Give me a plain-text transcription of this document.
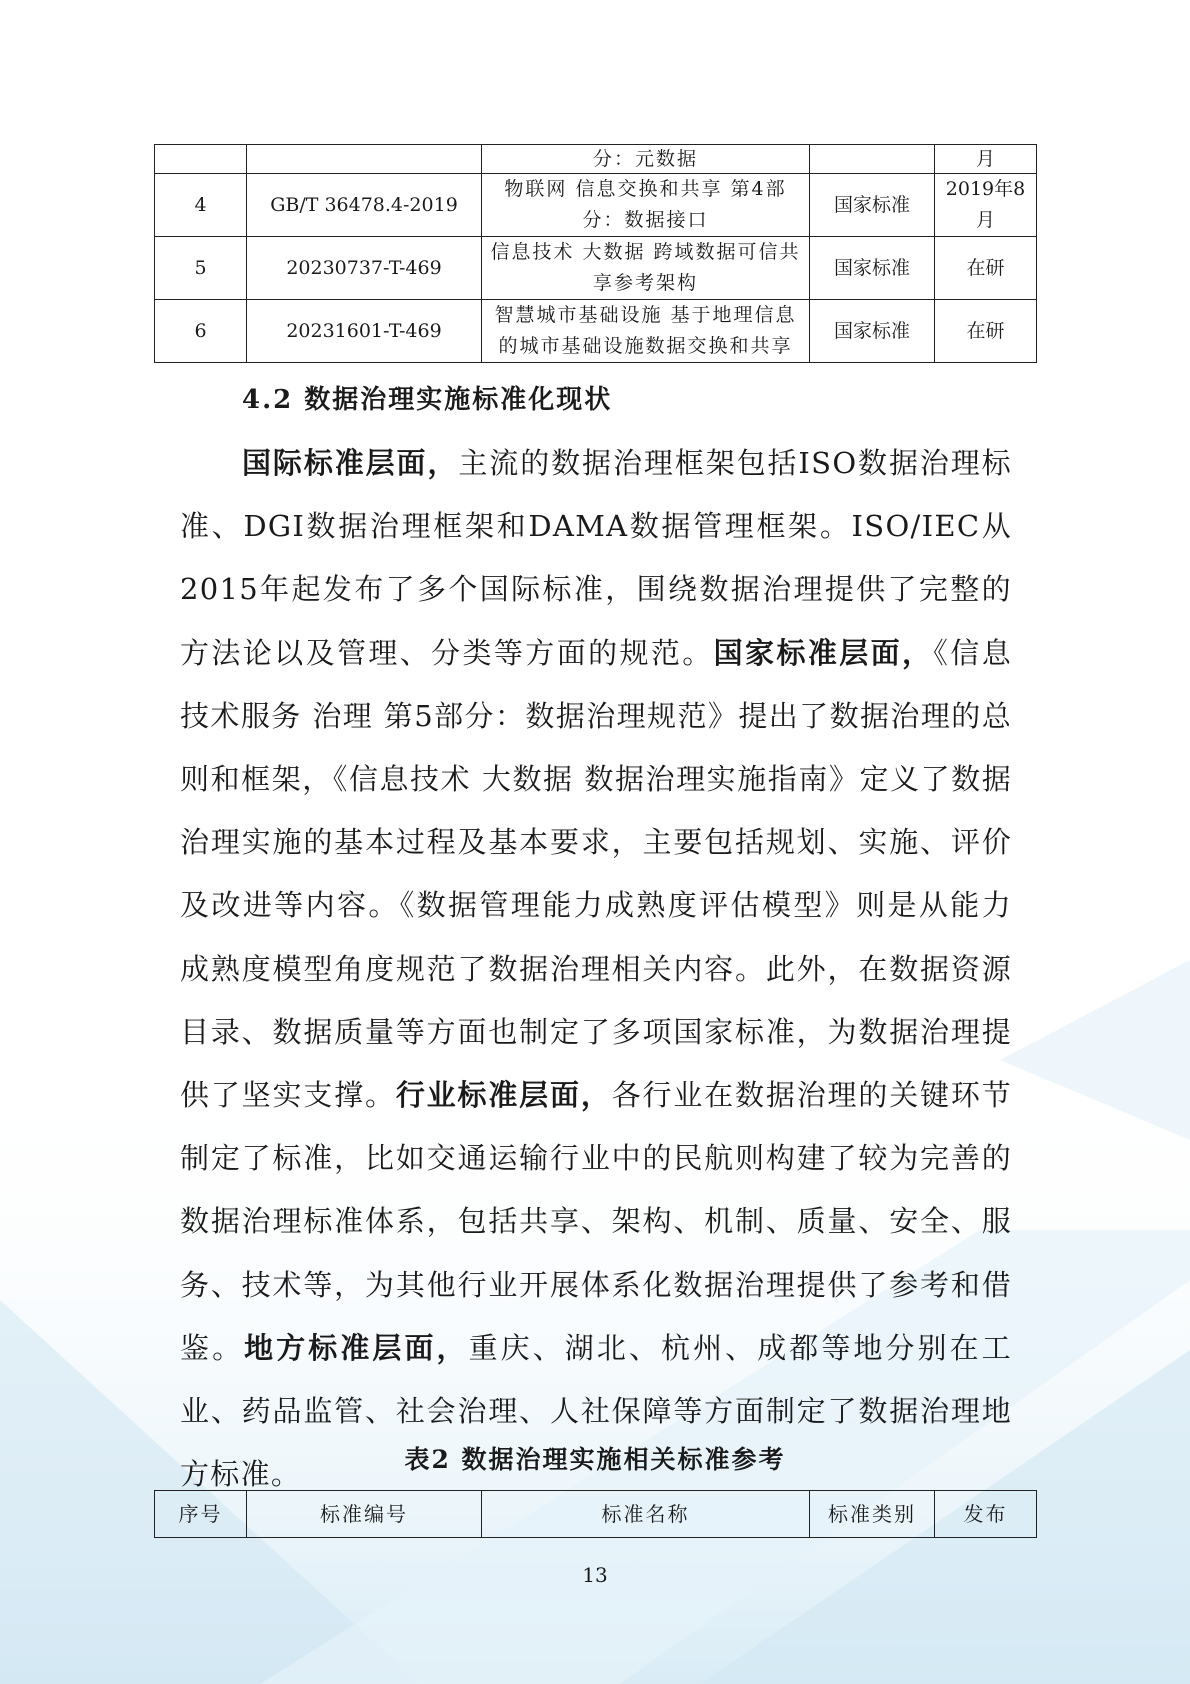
		分：元数据		月
4	GB/T 36478.4-2019	物联网 信息交换和共享 第4部分：数据接口	国家标准	2019年8月
5	20230737-T-469	信息技术 大数据 跨域数据可信共享参考架构	国家标准	在研
6	20231601-T-469	智慧城市基础设施 基于地理信息的城市基础设施数据交换和共享	国家标准	在研
4.2 数据治理实施标准化现状

国际标准层面，主流的数据治理框架包括ISO数据治理标准、DGI数据治理框架和DAMA数据管理框架。ISO/IEC从2015年起发布了多个国际标准，围绕数据治理提供了完整的方法论以及管理、分类等方面的规范。国家标准层面，《信息技术服务 治理 第5部分：数据治理规范》提出了数据治理的总则和框架，《信息技术 大数据 数据治理实施指南》定义了数据治理实施的基本过程及基本要求，主要包括规划、实施、评价及改进等内容。《数据管理能力成熟度评估模型》则是从能力成熟度模型角度规范了数据治理相关内容。此外，在数据资源目录、数据质量等方面也制定了多项国家标准，为数据治理提供了坚实支撑。行业标准层面，各行业在数据治理的关键环节制定了标准，比如交通运输行业中的民航则构建了较为完善的数据治理标准体系，包括共享、架构、机制、质量、安全、服务、技术等，为其他行业开展体系化数据治理提供了参考和借鉴。地方标准层面，重庆、湖北、杭州、成都等地分别在工业、药品监管、社会治理、人社保障等方面制定了数据治理地方标准。	表2 数据治理实施相关标准参考
序号	标准编号	标准名称	标准类别	发布
13
